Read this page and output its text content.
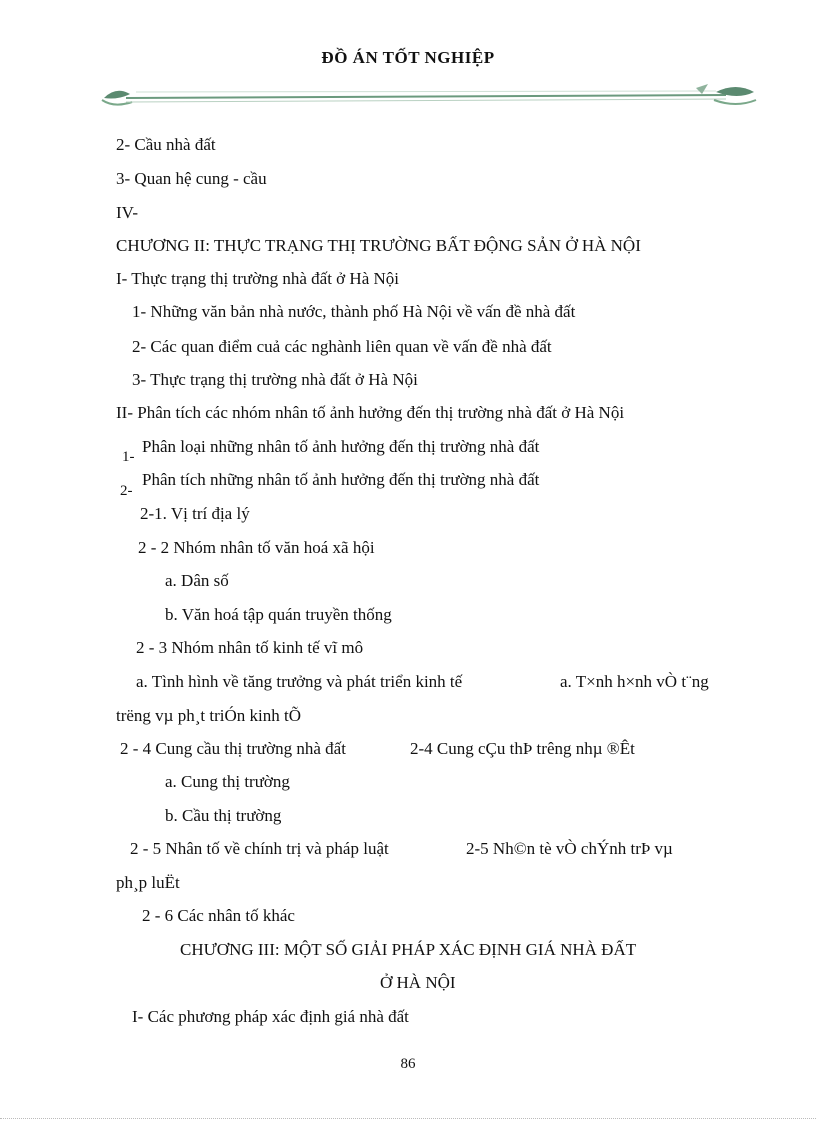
ĐỒ ÁN TỐT NGHIỆP
2- Cầu nhà đất
3- Quan hệ cung - cầu
IV-
CHƯƠNG II: THỰC TRẠNG THỊ TRƯỜNG BẤT ĐỘNG SẢN Ở HÀ NỘI
I- Thực trạng thị trường nhà đất ở Hà Nội
1- Những văn bản nhà nước, thành phố Hà Nội về vấn đề nhà đất
2- Các quan điểm cuả các nghành liên quan về vấn đề nhà đất
3- Thực trạng thị trường nhà đất ở Hà Nội
II- Phân tích các nhóm nhân tố ảnh hưởng đến thị trường nhà đất ở Hà Nội
1-
Phân loại những nhân tố ảnh hưởng đến thị trường nhà đất
2-
Phân tích những nhân tố ảnh hưởng đến thị trường nhà đất
2-1. Vị trí địa lý
2 - 2 Nhóm nhân tố văn hoá xã hội
a. Dân số
b. Văn hoá tập quán truyền thống
2 - 3 Nhóm nhân tố kinh tế vĩ mô
a. Tình hình về tăng trưởng và phát triển kinh tế	a. T×nh h×nh vÒ t¨ng
trëng vµ ph¸t triÓn kinh tÕ
2 - 4 Cung cầu thị trường nhà đất	2-4 Cung cÇu thÞ trêng nhµ ®Êt
a. Cung thị trường
b. Cầu thị trường
2 - 5 Nhân tố về chính trị và pháp luật	2-5 Nh©n tè vÒ chÝnh trÞ vµ
ph¸p luËt
2 - 6 Các nhân tố khác
CHƯƠNG III: MỘT SỐ GIẢI PHÁP XÁC ĐỊNH GIÁ NHÀ ĐẤT
Ở HÀ NỘI
I- Các phương pháp xác định giá nhà đất
86
